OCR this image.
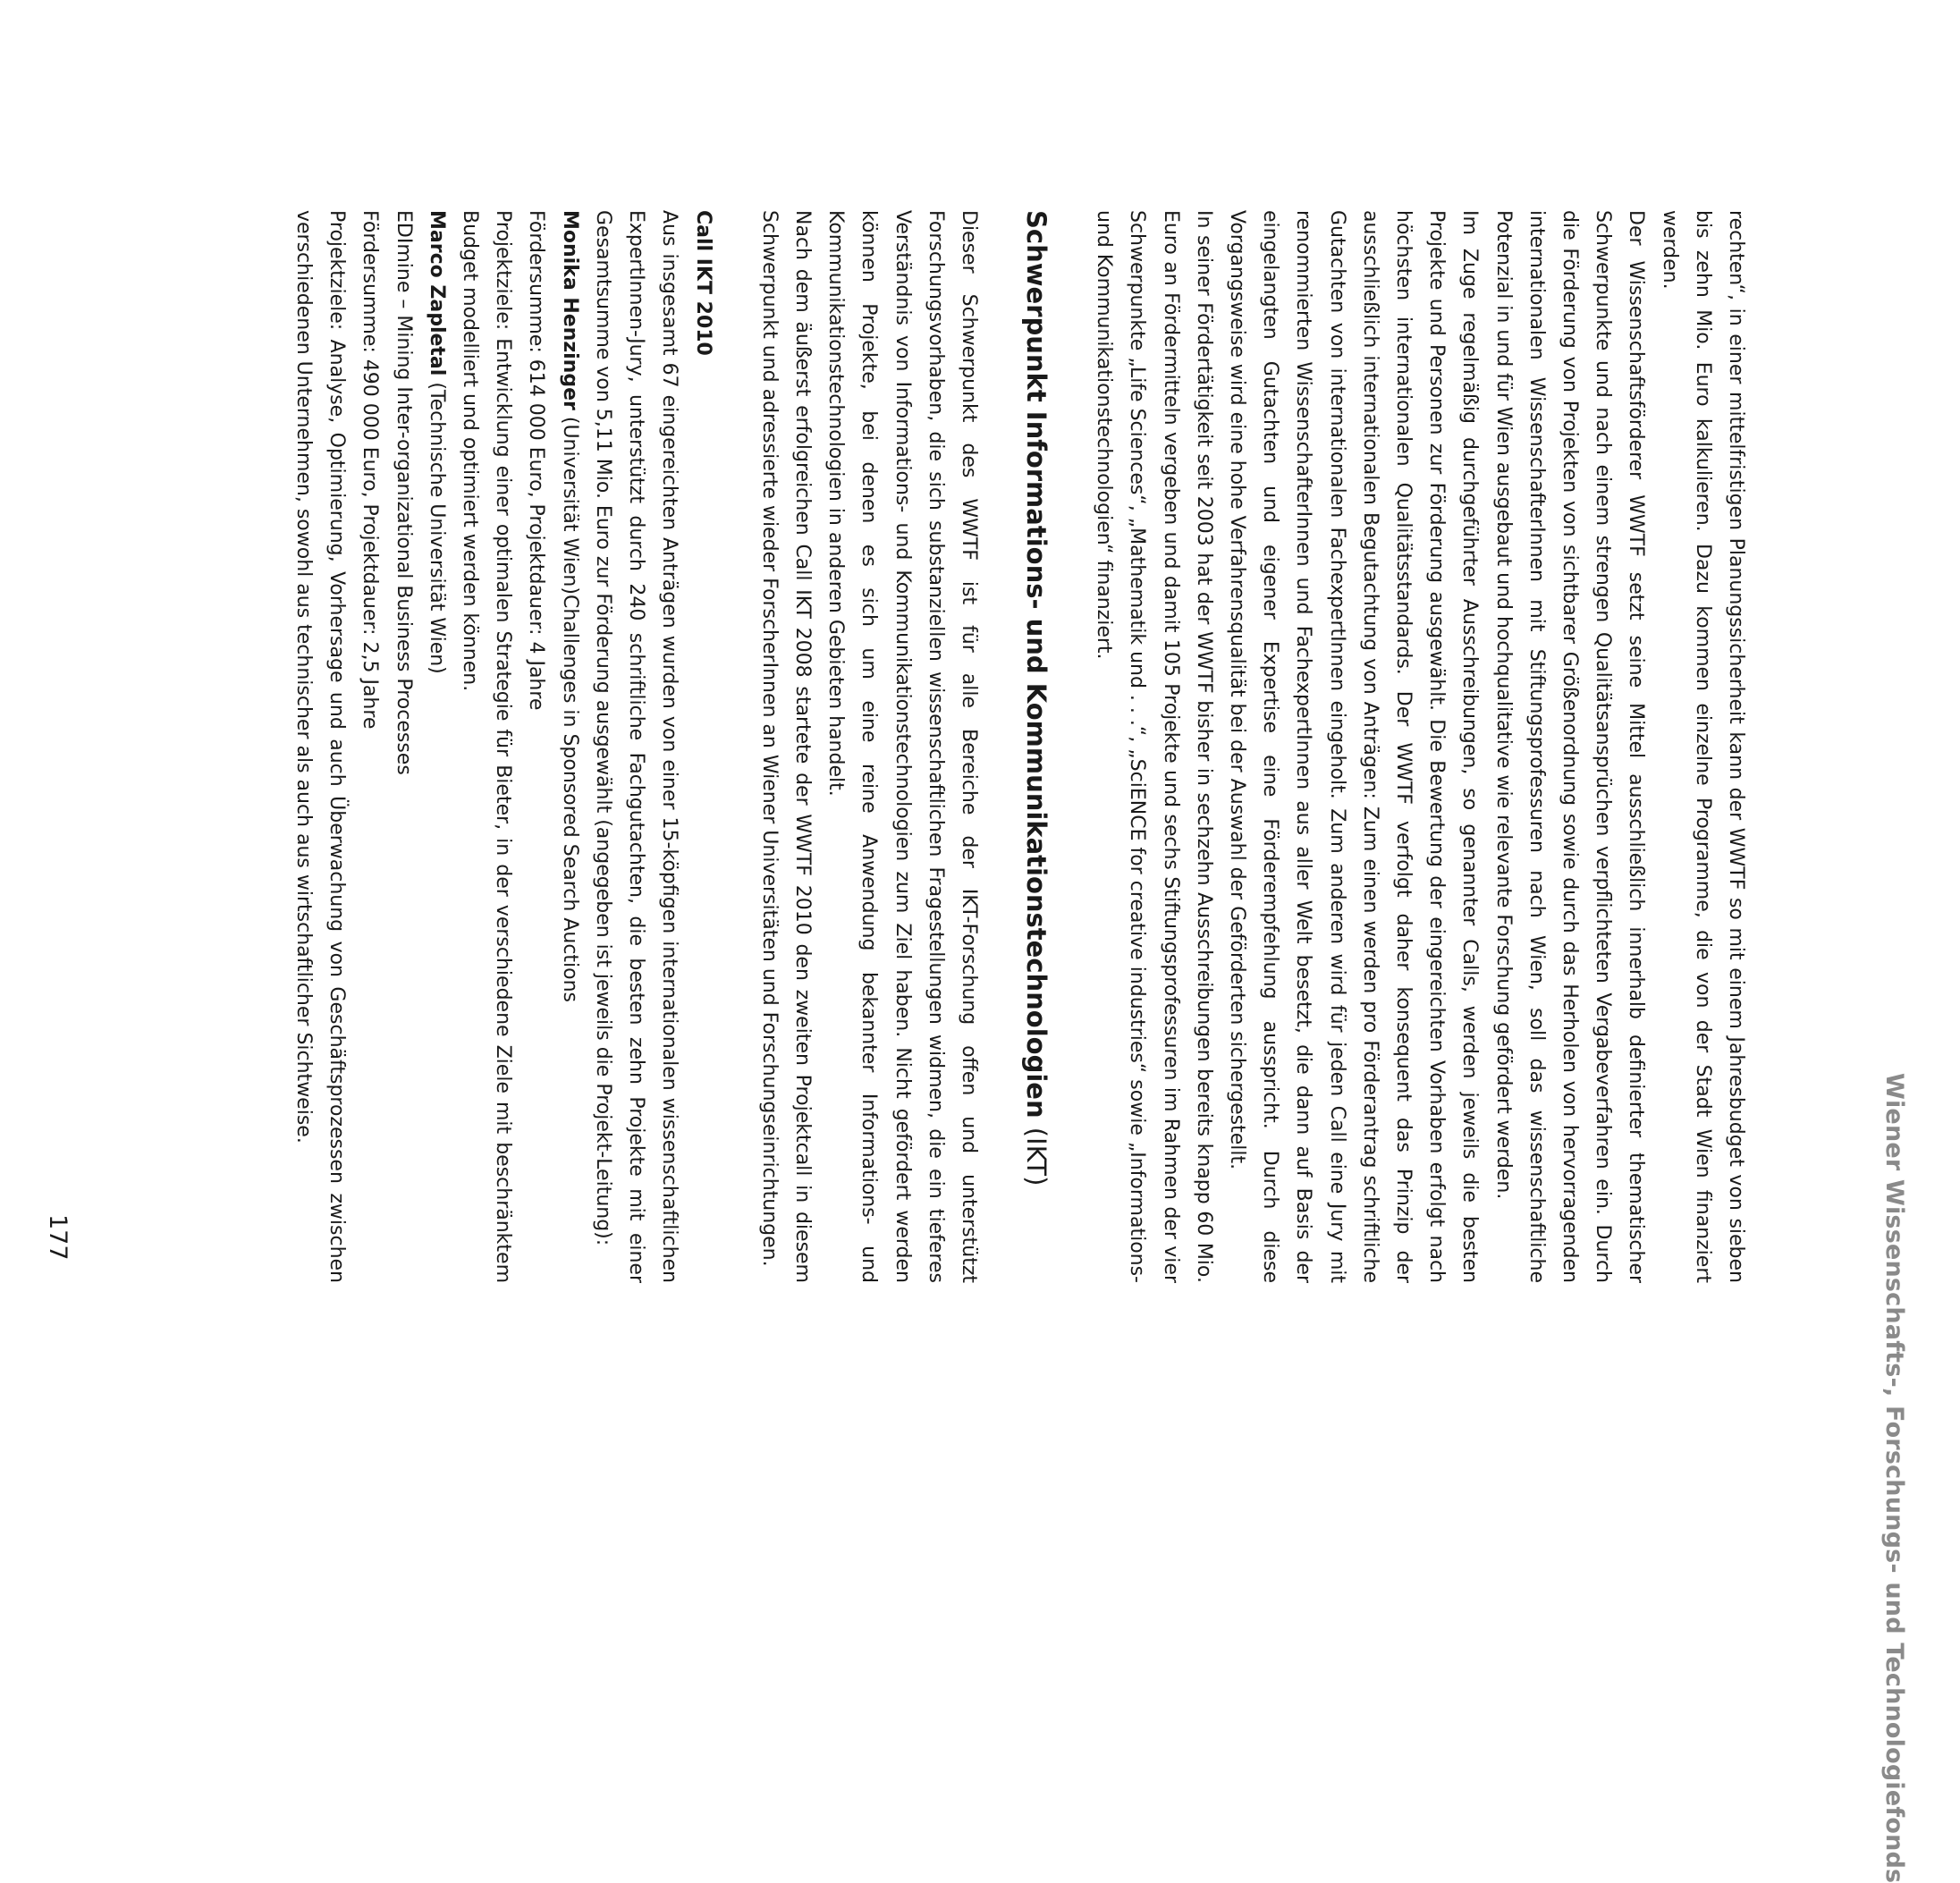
Wiener Wissenschafts-, Forschungs- und Technologiefonds

rechten“, in einer mittelfristigen Planungssicherheit kann der WWTF so mit einem Jahresbudget von sieben bis zehn Mio. Euro kalkulieren. Dazu kommen einzelne Programme, die von der Stadt Wien finanziert werden.

Der Wissenschaftsförderer WWTF setzt seine Mittel ausschließlich innerhalb definierter thematischer Schwerpunkte und nach einem strengen Qualitätsansprüchen verpflichteten Vergabeverfahren ein. Durch die Förderung von Projekten von sichtbarer Größenordnung sowie durch das Herholen von hervorragenden internationalen WissenschafterInnen mit Stiftungsprofessuren nach Wien, soll das wissenschaftliche Potenzial in und für Wien ausgebaut und hochqualitative wie relevante Forschung gefördert werden.

Im Zuge regelmäßig durchgeführter Ausschreibungen, so genannter Calls, werden jeweils die besten Projekte und Personen zur Förderung ausgewählt. Die Bewertung der eingereichten Vorhaben erfolgt nach höchsten internationalen Qualitätsstandards. Der WWTF verfolgt daher konsequent das Prinzip der ausschließlich internationalen Begutachtung von Anträgen: Zum einen werden pro Förderantrag schriftliche Gutachten von internationalen FachexpertInnen eingeholt. Zum anderen wird für jeden Call eine Jury mit renommierten WissenschafterInnen und FachexpertInnen aus aller Welt besetzt, die dann auf Basis der eingelangten Gutachten und eigener Expertise eine Förderempfehlung ausspricht. Durch diese Vorgangsweise wird eine hohe Verfahrensqualität bei der Auswahl der Geförderten sichergestellt.

In seiner Fördertätigkeit seit 2003 hat der WWTF bisher in sechzehn Ausschreibungen bereits knapp 60 Mio. Euro an Fördermitteln vergeben und damit 105 Projekte und sechs Stiftungsprofessuren im Rahmen der vier Schwerpunkte „Life Sciences“, „Mathematik und . . .“, „SciENCE for creative industries“ sowie „Informations- und Kommunikationstechnologien“ finanziert.

Schwerpunkt Informations- und Kommunikationstechnologien (IKT)

Dieser Schwerpunkt des WWTF ist für alle Bereiche der IKT-Forschung offen und unterstützt Forschungsvorhaben, die sich substanziellen wissenschaftlichen Fragestellungen widmen, die ein tieferes Verständnis von Informations- und Kommunikationstechnologien zum Ziel haben. Nicht gefördert werden können Projekte, bei denen es sich um eine reine Anwendung bekannter Informations- und Kommunikationstechnologien in anderen Gebieten handelt.

Nach dem äußerst erfolgreichen Call IKT 2008 startete der WWTF 2010 den zweiten Projektcall in diesem Schwerpunkt und adressierte wieder ForscherInnen an Wiener Universitäten und Forschungseinrichtungen.

Call IKT 2010

Aus insgesamt 67 eingereichten Anträgen wurden von einer 15-köpfigen internationalen wissenschaftlichen ExpertInnen-Jury, unterstützt durch 240 schriftliche Fachgutachten, die besten zehn Projekte mit einer Gesamtsumme von 5,11 Mio. Euro zur Förderung ausgewählt (angegeben ist jeweils die Projekt-Leitung):

Monika Henzinger (Universität Wien)Challenges in Sponsored Search Auctions

Fördersumme: 614 000 Euro, Projektdauer: 4 Jahre

Projektziele: Entwicklung einer optimalen Strategie für Bieter, in der verschiedene Ziele mit beschränktem Budget modelliert und optimiert werden können.

Marco Zapletal (Technische Universität Wien)

EDImine – Mining Inter-organizational Business Processes

Fördersumme: 490 000 Euro, Projektdauer: 2,5 Jahre

Projektziele: Analyse, Optimierung, Vorhersage und auch Überwachung von Geschäftsprozessen zwischen verschiedenen Unternehmen, sowohl aus technischer als auch aus wirtschaftlicher Sichtweise.

177
